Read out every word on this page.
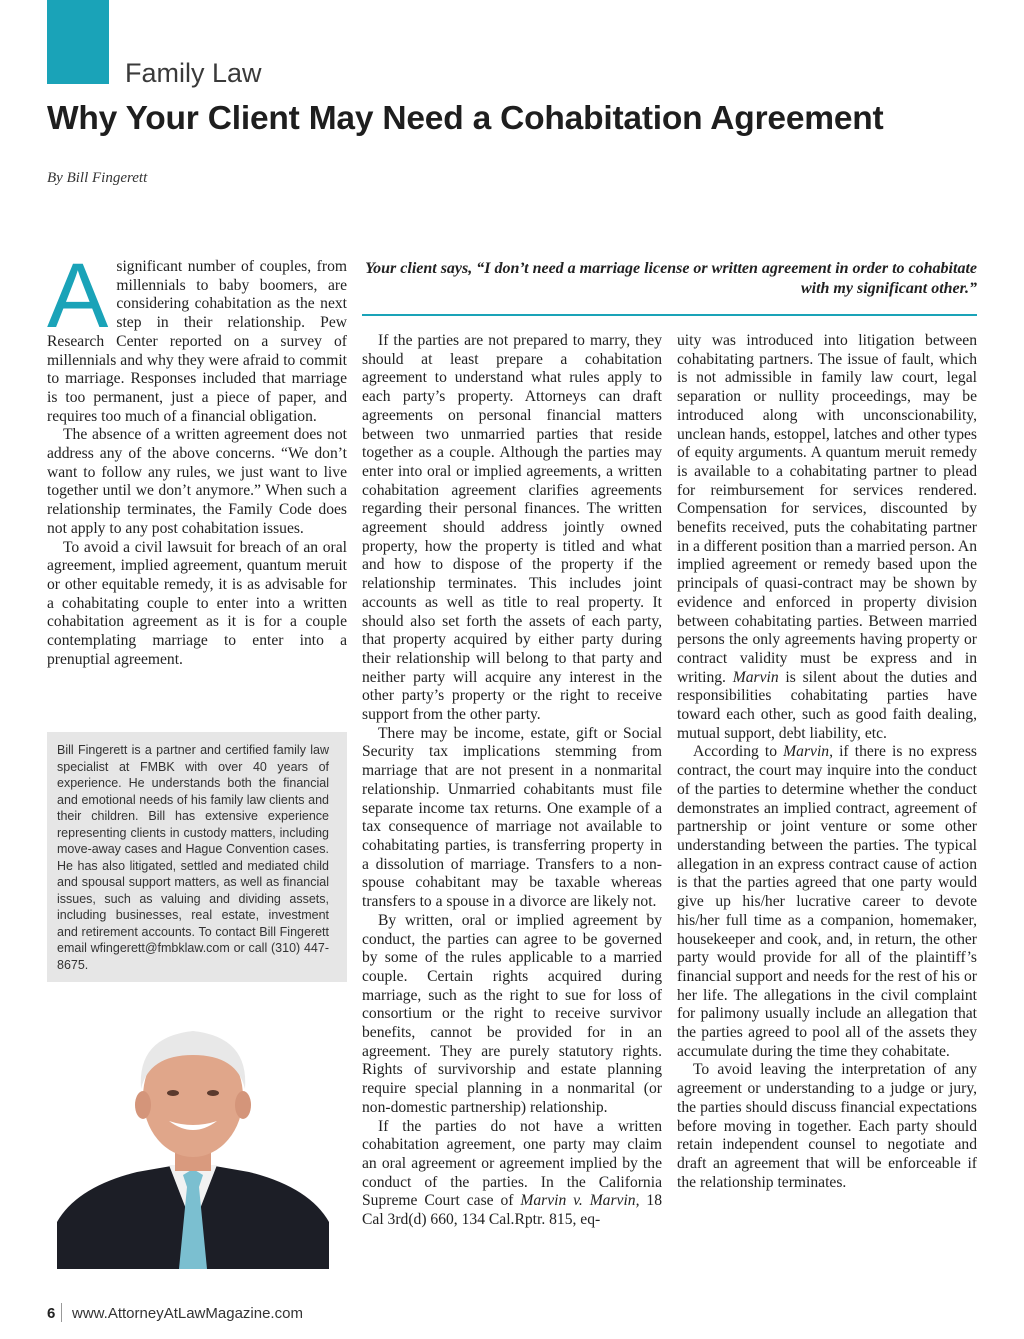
Family Law
Why Your Client May Need a Cohabitation Agreement
By Bill Fingerett

Asignificant number of couples, from millennials to baby boomers, are considering cohabitation as the next step in their relationship. Pew Research Center reported on a survey of millennials and why they were afraid to commit to marriage. Responses included that marriage is too permanent, just a piece of paper, and requires too much of a financial obligation.

The absence of a written agreement does not address any of the above concerns. “We don’t want to follow any rules, we just want to live together until we don’t anymore.” When such a relationship terminates, the Family Code does not apply to any post cohabitation issues.

To avoid a civil lawsuit for breach of an oral agreement, implied agreement, quantum meruit or other equitable remedy, it is as advisable for a cohabitating couple to enter into a written cohabitation agreement as it is for a couple contemplating marriage to enter into a prenuptial agreement.

Your client says, “I don’t need a marriage license or written agreement in order to cohabitate with my significant other.”

Bill Fingerett is a partner and certified family law specialist at FMBK with over 40 years of experience. He understands both the financial and emotional needs of his family law clients and their children. Bill has extensive experience representing clients in custody matters, including move-away cases and Hague Convention cases. He has also litigated, settled and mediated child and spousal support matters, as well as financial issues, such as valuing and dividing assets, including businesses, real estate, investment and retirement accounts. To contact Bill Fingerett email wfingerett@fmbklaw.com or call (310) 447-8675.

If the parties are not prepared to marry, they should at least prepare a cohabitation agreement to understand what rules apply to each party’s property. Attorneys can draft agreements on personal financial matters between two unmarried parties that reside together as a couple. Although the parties may enter into oral or implied agreements, a written cohabitation agreement clarifies agreements regarding their personal finances. The written agreement should address jointly owned property, how the property is titled and what and how to dispose of the property if the relationship terminates. This includes joint accounts as well as title to real property. It should also set forth the assets of each party, that property acquired by either party during their relationship will belong to that party and neither party will acquire any interest in the other party’s property or the right to receive support from the other party.

There may be income, estate, gift or Social Security tax implications stemming from marriage that are not present in a nonmarital relationship. Unmarried cohabitants must file separate income tax returns. One example of a tax consequence of marriage not available to cohabitating parties, is transferring property in a dissolution of marriage. Transfers to a non-spouse cohabitant may be taxable whereas transfers to a spouse in a divorce are likely not.

By written, oral or implied agreement by conduct, the parties can agree to be governed by some of the rules applicable to a married couple. Certain rights acquired during marriage, such as the right to sue for loss of consortium or the right to receive survivor benefits, cannot be provided for in an agreement. They are purely statutory rights. Rights of survivorship and estate planning require special planning in a nonmarital (or non-domestic partnership) relationship.

If the parties do not have a written cohabitation agreement, one party may claim an oral agreement or agreement implied by the conduct of the parties. In the California Supreme Court case of Marvin v. Marvin, 18 Cal 3rd(d) 660, 134 Cal.Rptr. 815, eq-

uity was introduced into litigation between cohabitating partners. The issue of fault, which is not admissible in family law court, legal separation or nullity proceedings, may be introduced along with unconscionability, unclean hands, estoppel, latches and other types of equity arguments. A quantum meruit remedy is available to a cohabitating partner to plead for reimbursement for services rendered. Compensation for services, discounted by benefits received, puts the cohabitating partner in a different position than a married person. An implied agreement or remedy based upon the principals of quasi-contract may be shown by evidence and enforced in property division between cohabitating parties. Between married persons the only agreements having property or contract validity must be express and in writing. Marvin is silent about the duties and responsibilities cohabitating parties have toward each other, such as good faith dealing, mutual support, debt liability, etc.

According to Marvin, if there is no express contract, the court may inquire into the conduct of the parties to determine whether the conduct demonstrates an implied contract, agreement of partnership or joint venture or some other understanding between the parties. The typical allegation in an express contract cause of action is that the parties agreed that one party would give up his/her lucrative career to devote his/her full time as a companion, homemaker, housekeeper and cook, and, in return, the other party would provide for all of the plaintiff’s financial support and needs for the rest of his or her life. The allegations in the civil complaint for palimony usually include an allegation that the parties agreed to pool all of the assets they accumulate during the time they cohabitate.

To avoid leaving the interpretation of any agreement or understanding to a judge or jury, the parties should discuss financial expectations before moving in together. Each party should retain independent counsel to negotiate and draft an agreement that will be enforceable if the relationship terminates.

6 www.AttorneyAtLawMagazine.com
